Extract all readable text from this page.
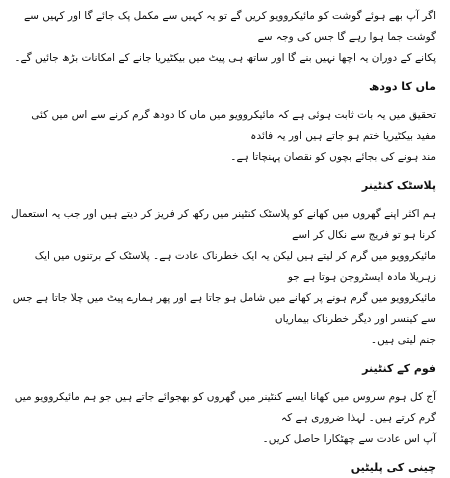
اگر آپ بھے ہوئے گوشت کو مائیکروویو کریں گے تو یہ کہیں سے مکمل پک جائے گا اور کہیں سے گوشت جما ہوا رہے گا جس کی وجہ سے
پکانے کے دوران یہ اچھا نہیں بنے گا اور ساتھ ہی پیٹ میں بیکٹیریا جانے کے امکانات بڑھ جائیں گے۔

ماں کا دودھ

تحقیق میں یہ بات ثابت ہوئی ہے کہ مائیکروویو میں ماں کا دودھ گرم کرنے سے اس میں کئی مفید بیکٹیریا ختم ہو جاتے ہیں اور یہ فائدہ
مند ہونے کی بجائے بچوں کو نقصان پہنچاتا ہے۔

پلاسٹک کنٹینر

ہم اکثر اپنے گھروں میں کھانے کو پلاسٹک کنٹینر میں رکھ کر فریز کر دیتے ہیں اور جب یہ استعمال کرنا ہو تو فریج سے نکال کر اسے
مائیکروویو میں گرم کر لیتے ہیں لیکن یہ ایک خطرناک عادت ہے۔ پلاسٹک کے برتنوں میں ایک زہریلا مادہ ایسٹروجن ہوتا ہے جو
مائیکروویو میں گرم ہونے پر کھانے میں شامل ہو جاتا ہے اور پھر ہمارے پیٹ میں چلا جاتا ہے جس سے کینسر اور دیگر خطرناک بیماریاں
جنم لیتی ہیں۔

فوم کے کنٹینر

آج کل ہوم سروس میں کھانا ایسے کنٹینر میں گھروں کو بھجوائے جاتے ہیں جو ہم مائیکروویو میں گرم کرتے ہیں۔ لہذا ضروری ہے کہ
آپ اس عادت سے چھٹکارا حاصل کریں۔

چینی کی پلیٹیں
